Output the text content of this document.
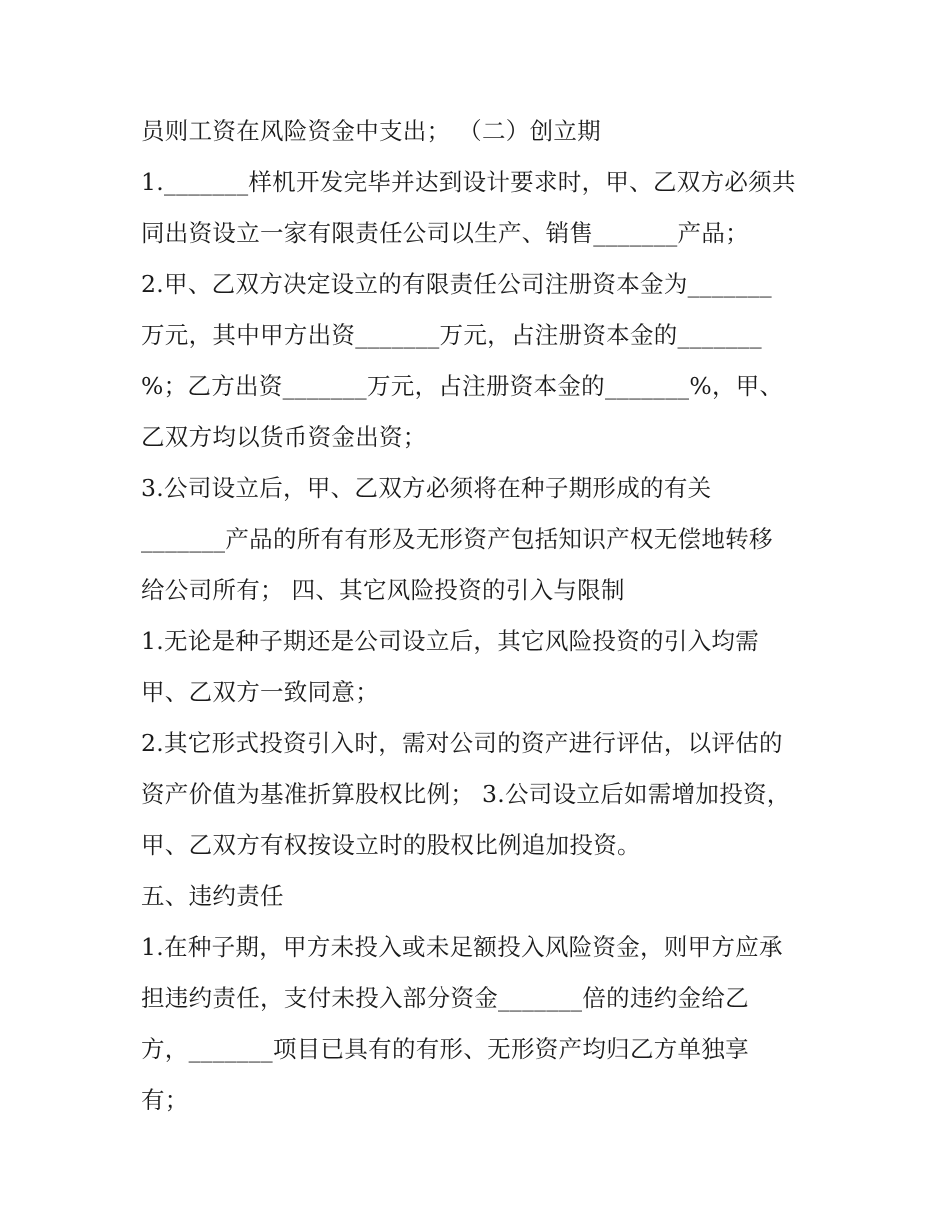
员则工资在风险资金中支出； （二）创立期
1._______样机开发完毕并达到设计要求时，甲、乙双方必须共
同出资设立一家有限责任公司以生产、销售_______产品；
2.甲、乙双方决定设立的有限责任公司注册资本金为_______
万元，其中甲方出资_______万元，占注册资本金的_______
%；乙方出资_______万元，占注册资本金的_______%，甲、
乙双方均以货币资金出资；
3.公司设立后，甲、乙双方必须将在种子期形成的有关
_______产品的所有有形及无形资产包括知识产权无偿地转移
给公司所有； 四、其它风险投资的引入与限制
1.无论是种子期还是公司设立后，其它风险投资的引入均需
甲、乙双方一致同意；
2.其它形式投资引入时，需对公司的资产进行评估，以评估的
资产价值为基准折算股权比例； 3.公司设立后如需增加投资，
甲、乙双方有权按设立时的股权比例追加投资。
五、违约责任
1.在种子期，甲方未投入或未足额投入风险资金，则甲方应承
担违约责任，支付未投入部分资金_______倍的违约金给乙
方，_______项目已具有的有形、无形资产均归乙方单独享
有；
